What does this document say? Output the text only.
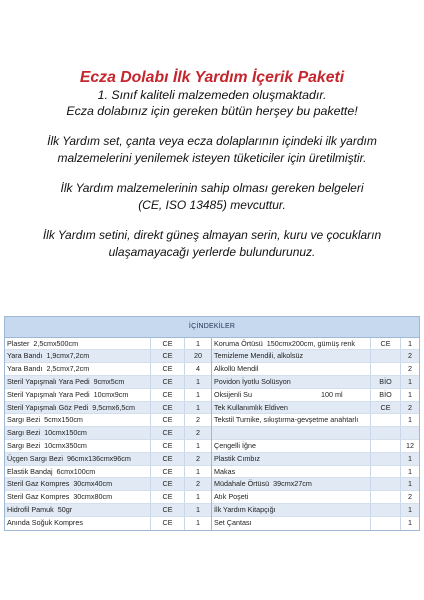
Ecza Dolabı İlk Yardım İçerik Paketi
1. Sınıf kaliteli malzemeden oluşmaktadır.
Ecza dolabınız için gereken bütün herşey bu pakette!
İlk Yardım set, çanta veya ecza dolaplarının içindeki ilk yardım
malzemelerini yenilemek isteyen tüketiciler için üretilmiştir.
İlk Yardım malzemelerinin sahip olması gereken belgeleri
(CE, ISO 13485) mevcuttur.
İlk Yardım setini, direkt güneş almayan serin, kuru ve çocukların
ulaşamayacağı yerlerde bulundurunuz.
İÇİNDEKİLER
Plaster 2,5cmx500cm	CE	1
Yara Bandı 1,9cmx7,2cm	CE	20
Yara Bandı 2,5cmx7,2cm	CE	4
Steril Yapışmalı Yara Pedi 9cmx5cm	CE	1
Steril Yapışmalı Yara Pedi 10cmx9cm	CE	1
Steril Yapışmalı Göz Pedi 9,5cmx6,5cm	CE	1
Sargı Bezi 5cmx150cm	CE	2
Sargı Bezi 10cmx150cm	CE	2
Sargı Bezi 10cmx350cm	CE	1
Üçgen Sargı Bezi 96cmx136cmx96cm	CE	2
Elastik Bandaj 6cmx100cm	CE	1
Steril Gaz Kompres 30cmx40cm	CE	2
Steril Gaz Kompres 30cmx80cm	CE	1
Hidrofil Pamuk 50gr	CE	1
Anında Soğuk Kompres	CE	1
Koruma Örtüsü 150cmx200cm, gümüş renk	CE	1
Temizleme Mendili, alkolsüz	2
Alkollü Mendil	2
Povidon İyotlu Solüsyon	BİO	1
Oksijenli Su	100 ml	BİO	1
Tek Kullanımlık Eldiven	CE	2
Tekstil Turnike, sıkıştırma-gevşetme anahtarlı	1
Çengelli İğne	12
Plastik Cımbız	1
Makas	1
Müdahale Örtüsü 39cmx27cm	1
Atık Poşeti	2
İlk Yardım Kitapçığı	1
Set Çantası	1
